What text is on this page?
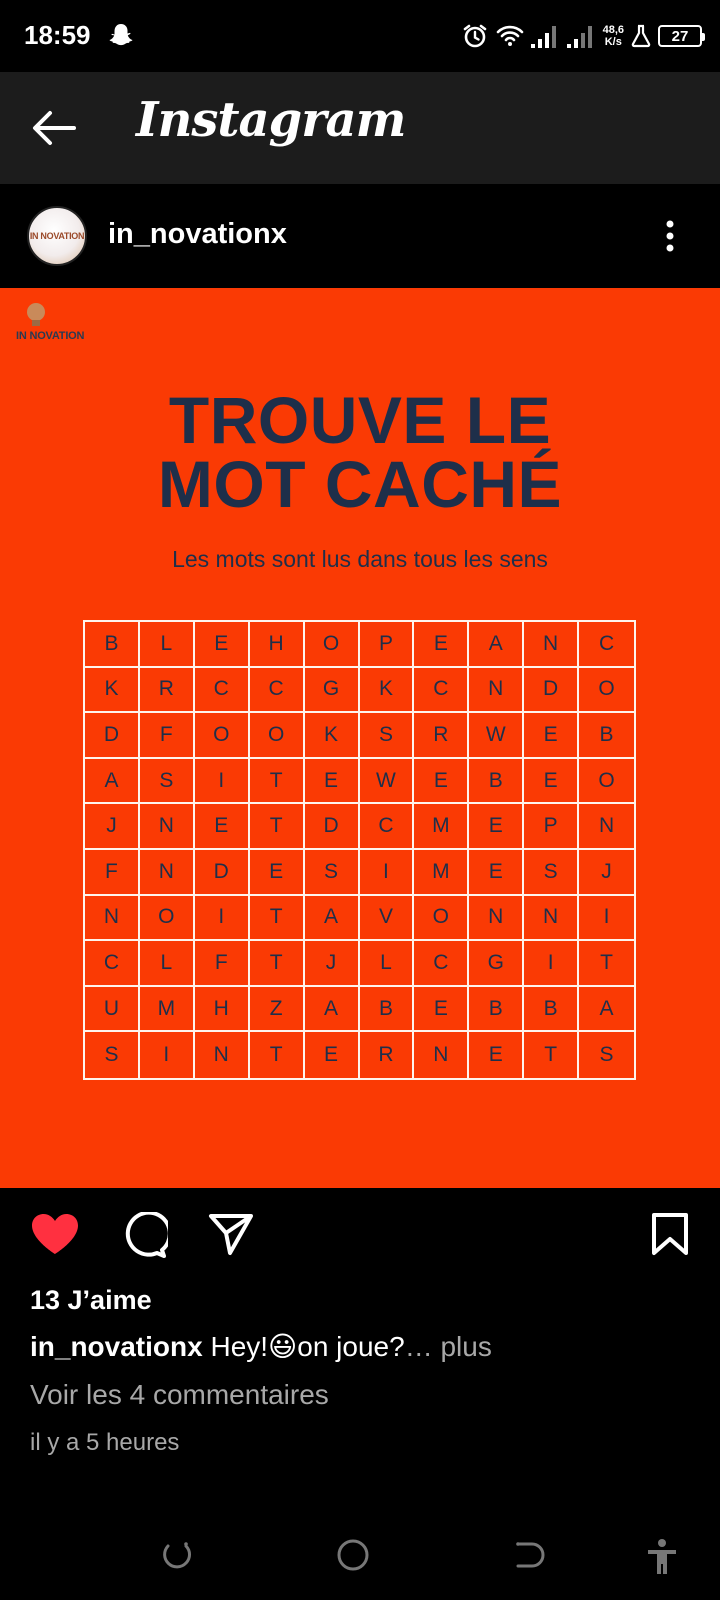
18:59	48,6
K/s	27
Instagram
IN NOVATION in_novationx
IN NOVATION
TROUVE LE
MOT CACHÉ
Les mots sont lus dans tous les sens
B	L	E	H	O	P	E	A	N	C
K	R	C	C	G	K	C	N	D	O
D	F	O	O	K	S	R	W	E	B
A	S	I	T	E	W	E	B	E	O
J	N	E	T	D	C	M	E	P	N
F	N	D	E	S	I	M	E	S	J
N	O	I	T	A	V	O	N	N	I
C	L	F	T	J	L	C	G	I	T
U	M	H	Z	A	B	E	B	B	A
S	I	N	T	E	R	N	E	T	S
13 J’aime
in_novationx Hey!😃on joue?… plus
Voir les 4 commentaires
il y a 5 heures
